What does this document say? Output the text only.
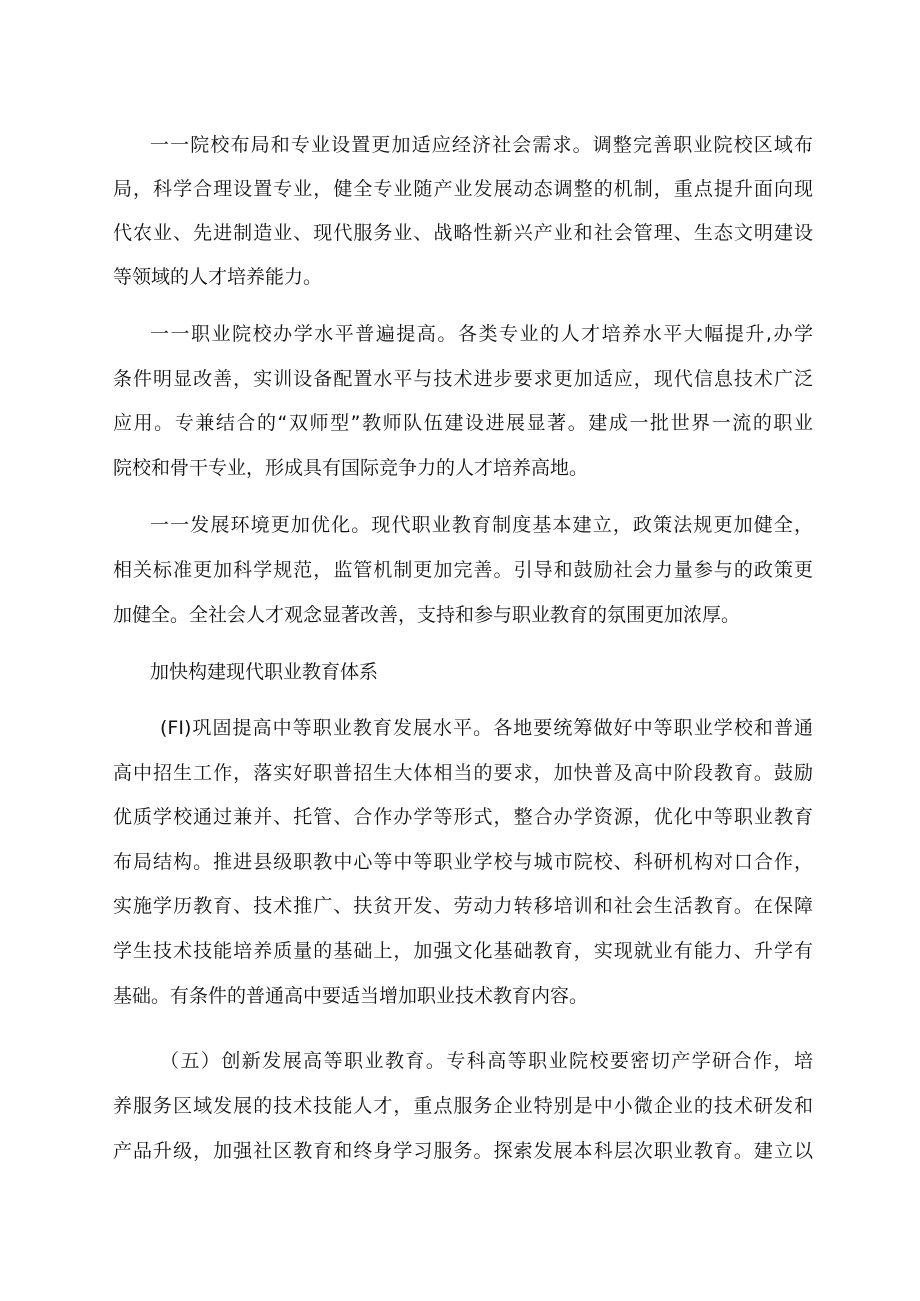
一一院校布局和专业设置更加适应经济社会需求。调整完善职业院校区域布
局，科学合理设置专业，健全专业随产业发展动态调整的机制，重点提升面向现
代农业、先进制造业、现代服务业、战略性新兴产业和社会管理、生态文明建设
等领域的人才培养能力。
一一职业院校办学水平普遍提高。各类专业的人才培养水平大幅提升,办学
条件明显改善，实训设备配置水平与技术进步要求更加适应，现代信息技术广泛
应用。专兼结合的“双师型”教师队伍建设进展显著。建成一批世界一流的职业
院校和骨干专业，形成具有国际竞争力的人才培养高地。
一一发展环境更加优化。现代职业教育制度基本建立，政策法规更加健全，
相关标准更加科学规范，监管机制更加完善。引导和鼓励社会力量参与的政策更
加健全。全社会人才观念显著改善，支持和参与职业教育的氛围更加浓厚。
加快构建现代职业教育体系
(FI)巩固提高中等职业教育发展水平。各地要统筹做好中等职业学校和普通
高中招生工作，落实好职普招生大体相当的要求，加快普及高中阶段教育。鼓励
优质学校通过兼并、托管、合作办学等形式，整合办学资源，优化中等职业教育
布局结构。推进县级职教中心等中等职业学校与城市院校、科研机构对口合作，
实施学历教育、技术推广、扶贫开发、劳动力转移培训和社会生活教育。在保障
学生技术技能培养质量的基础上，加强文化基础教育，实现就业有能力、升学有
基础。有条件的普通高中要适当增加职业技术教育内容。
（五）创新发展高等职业教育。专科高等职业院校要密切产学研合作，培
养服务区域发展的技术技能人才，重点服务企业特别是中小微企业的技术研发和
产品升级，加强社区教育和终身学习服务。探索发展本科层次职业教育。建立以
